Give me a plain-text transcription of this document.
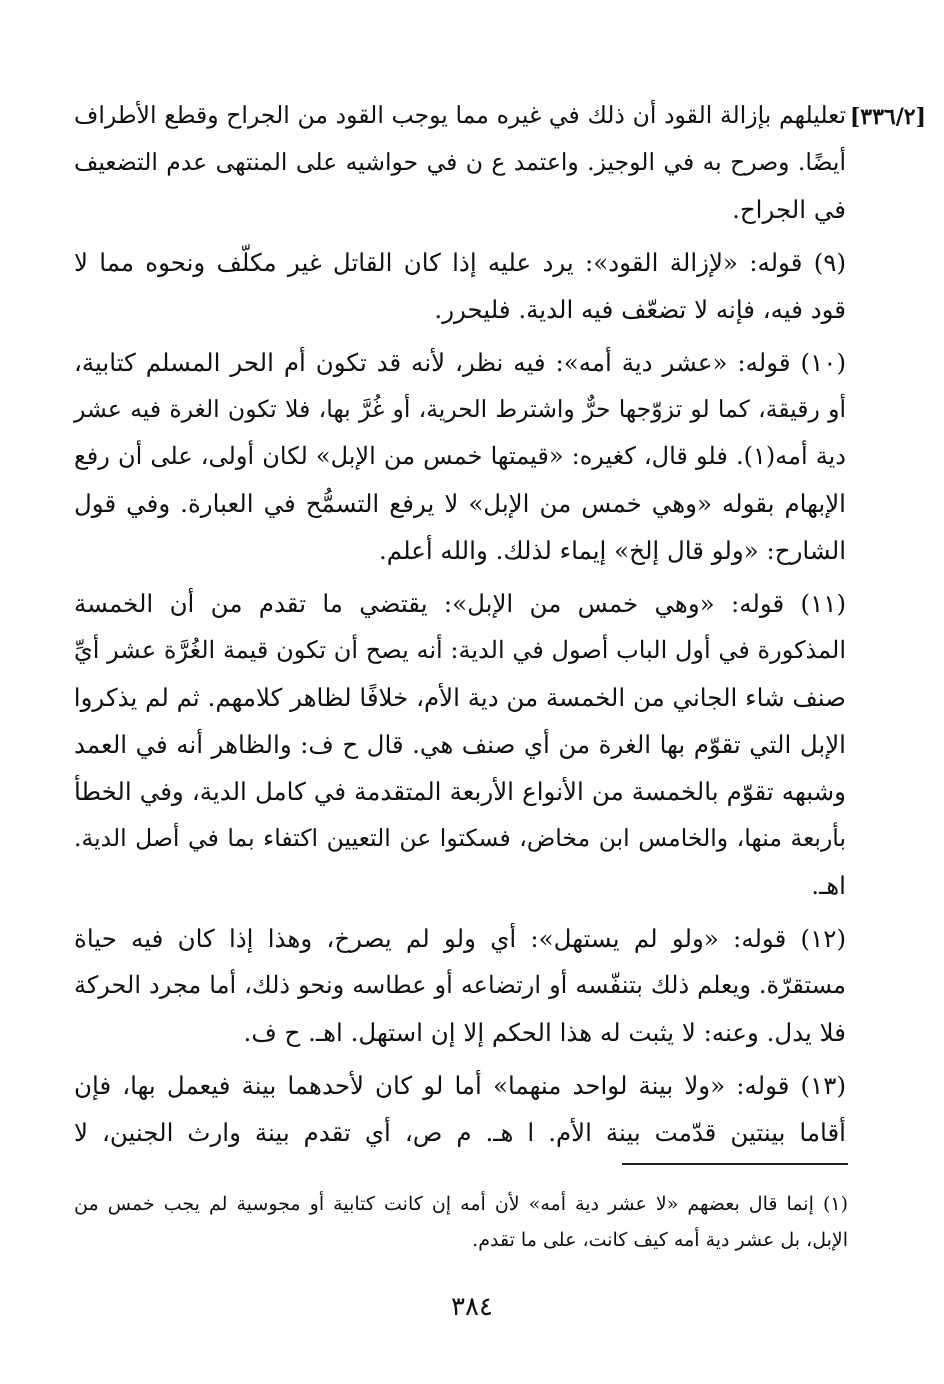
[٣٣٦/٢]

تعليلهم بإزالة القود أن ذلك في غيره مما يوجب القود من الجراح وقطع الأطراف
أيضًا. وصرح به في الوجيز. واعتمد ع ن في حواشيه على المنتهى عدم التضعيف
في الجراح.

(٩) قوله: «لإزالة القود»: يرد عليه إذا كان القاتل غير مكلّف ونحوه مما لا
قود فيه، فإنه لا تضعّف فيه الدية. فليحرر.

(١٠) قوله: «عشر دية أمه»: فيه نظر، لأنه قد تكون أم الحر المسلم كتابية،
أو رقيقة، كما لو تزوّجها حرٌّ واشترط الحرية، أو غُرَّ بها، فلا تكون الغرة فيه عشر
دية أمه(١). فلو قال، كغيره: «قيمتها خمس من الإبل» لكان أولى، على أن رفع
الإبهام بقوله «وهي خمس من الإبل» لا يرفع التسمُّح في العبارة. وفي قول
الشارح: «ولو قال إلخ» إيماء لذلك. والله أعلم.

(١١) قوله: «وهي خمس من الإبل»: يقتضي ما تقدم من أن الخمسة
المذكورة في أول الباب أصول في الدية: أنه يصح أن تكون قيمة الغُرَّة عشر أيِّ
صنف شاء الجاني من الخمسة من دية الأم، خلافًا لظاهر كلامهم. ثم لم يذكروا
الإبل التي تقوّم بها الغرة من أي صنف هي. قال ح ف: والظاهر أنه في العمد
وشبهه تقوّم بالخمسة من الأنواع الأربعة المتقدمة في كامل الدية، وفي الخطأ
بأربعة منها، والخامس ابن مخاض، فسكتوا عن التعيين اكتفاء بما في أصل الدية.
اهـ.

(١٢) قوله: «ولو لم يستهل»: أي ولو لم يصرخ، وهذا إذا كان فيه حياة
مستقرّة. ويعلم ذلك بتنفّسه أو ارتضاعه أو عطاسه ونحو ذلك، أما مجرد الحركة
فلا يدل. وعنه: لا يثبت له هذا الحكم إلا إن استهل. اهـ. ح ف.

(١٣) قوله: «ولا بينة لواحد منهما» أما لو كان لأحدهما بينة فيعمل بها، فإن
أقاما بينتين قدّمت بينة الأم. ا هـ. م ص، أي تقدم بينة وارث الجنين، لا

(١) إنما قال بعضهم «لا عشر دية أمه» لأن أمه إن كانت كتابية أو مجوسية لم يجب خمس من
الإبل، بل عشر دية أمه كيف كانت، على ما تقدم.
٣٨٤
